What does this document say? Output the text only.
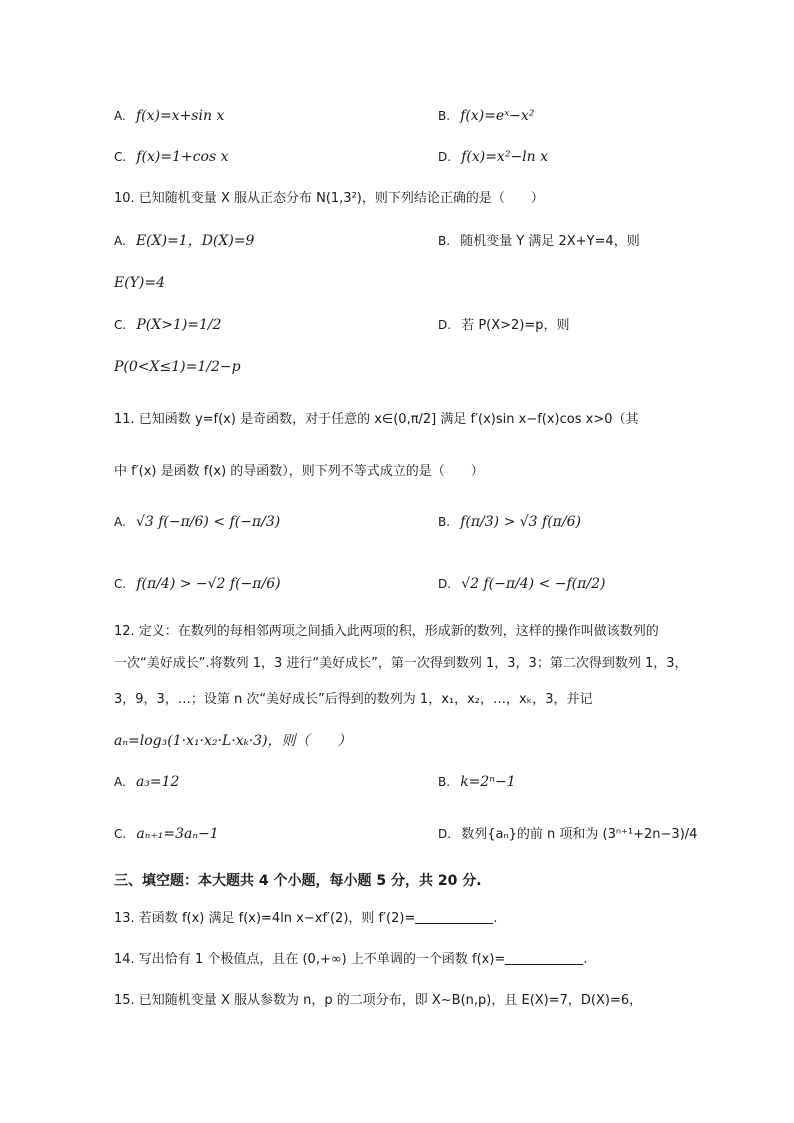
A. f(x)=x+sin x	B. f(x)=eˣ−x²
C. f(x)=1+cos x	D. f(x)=x²−ln x
10. 已知随机变量 X 服从正态分布 N(1,3²)，则下列结论正确的是（　　）
A. E(X)=1，D(X)=9	B. 随机变量 Y 满足 2X+Y=4，则
E(Y)=4
C. P(X>1)=1/2	D. 若 P(X>2)=p，则
P(0<X≤1)=1/2−p
11. 已知函数 y=f(x) 是奇函数，对于任意的 x∈(0,π/2] 满足 f′(x)sin x−f(x)cos x>0（其
中 f′(x) 是函数 f(x) 的导函数），则下列不等式成立的是（　　）
A. √3 f(−π/6) < f(−π/3)	B. f(π/3) > √3 f(π/6)
C. f(π/4) > −√2 f(−π/6)	D. √2 f(−π/4) < −f(π/2)
12. 定义：在数列的每相邻两项之间插入此两项的积，形成新的数列，这样的操作叫做该数列的
一次“美好成长”.将数列 1，3 进行“美好成长”，第一次得到数列 1，3，3；第二次得到数列 1，3，
3，9，3，…；设第 n 次“美好成长”后得到的数列为 1，x₁，x₂，…，xₖ，3，并记
aₙ=log₃(1·x₁·x₂·L·xₖ·3)，则（　　）
A. a₃=12	B. k=2ⁿ−1
C. aₙ₊₁=3aₙ−1	D. 数列{aₙ}的前 n 项和为 (3ⁿ⁺¹+2n−3)/4
三、填空题：本大题共 4 个小题，每小题 5 分，共 20 分.
13. 若函数 f(x) 满足 f(x)=4ln x−xf′(2)，则 f′(2)=	.
14. 写出恰有 1 个极值点，且在 (0,+∞) 上不单调的一个函数 f(x)=	.
15. 已知随机变量 X 服从参数为 n，p 的二项分布，即 X~B(n,p)，且 E(X)=7，D(X)=6，
